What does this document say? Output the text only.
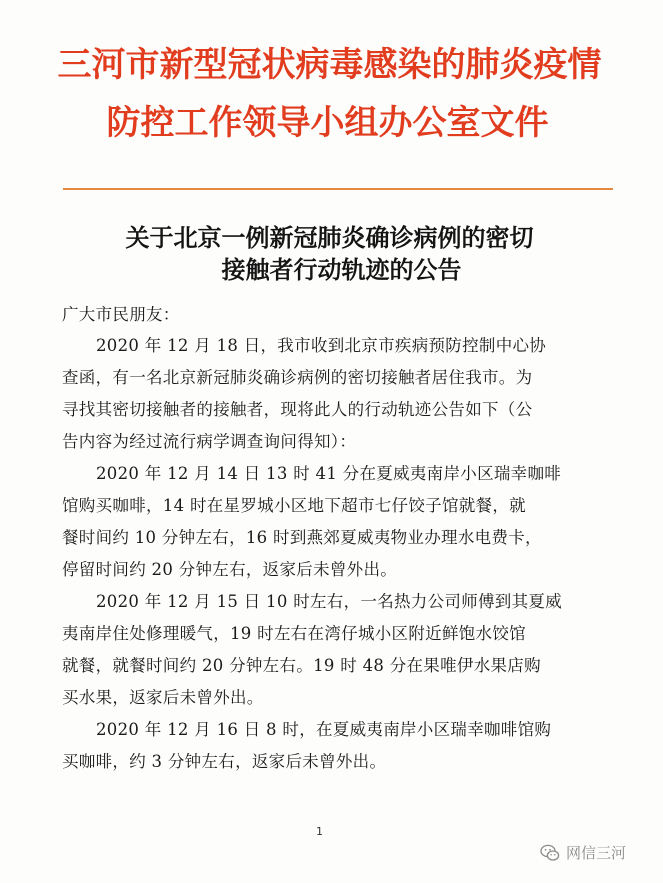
三河市新型冠状病毒感染的肺炎疫情
防控工作领导小组办公室文件
关于北京一例新冠肺炎确诊病例的密切
接触者行动轨迹的公告
广大市民朋友：
2020 年 12 月 18 日，我市收到北京市疾病预防控制中心协
查函，有一名北京新冠肺炎确诊病例的密切接触者居住我市。为
寻找其密切接触者的接触者，现将此人的行动轨迹公告如下（公
告内容为经过流行病学调查询问得知）：
2020 年 12 月 14 日 13 时 41 分在夏威夷南岸小区瑞幸咖啡
馆购买咖啡，14 时在星罗城小区地下超市七仔饺子馆就餐，就
餐时间约 10 分钟左右，16 时到燕郊夏威夷物业办理水电费卡，
停留时间约 20 分钟左右，返家后未曾外出。
2020 年 12 月 15 日 10 时左右，一名热力公司师傅到其夏威
夷南岸住处修理暖气，19 时左右在湾仔城小区附近鲜饱水饺馆
就餐，就餐时间约 20 分钟左右。19 时 48 分在果唯伊水果店购
买水果，返家后未曾外出。
2020 年 12 月 16 日 8 时，在夏威夷南岸小区瑞幸咖啡馆购
买咖啡，约 3 分钟左右，返家后未曾外出。
1
网信三河
